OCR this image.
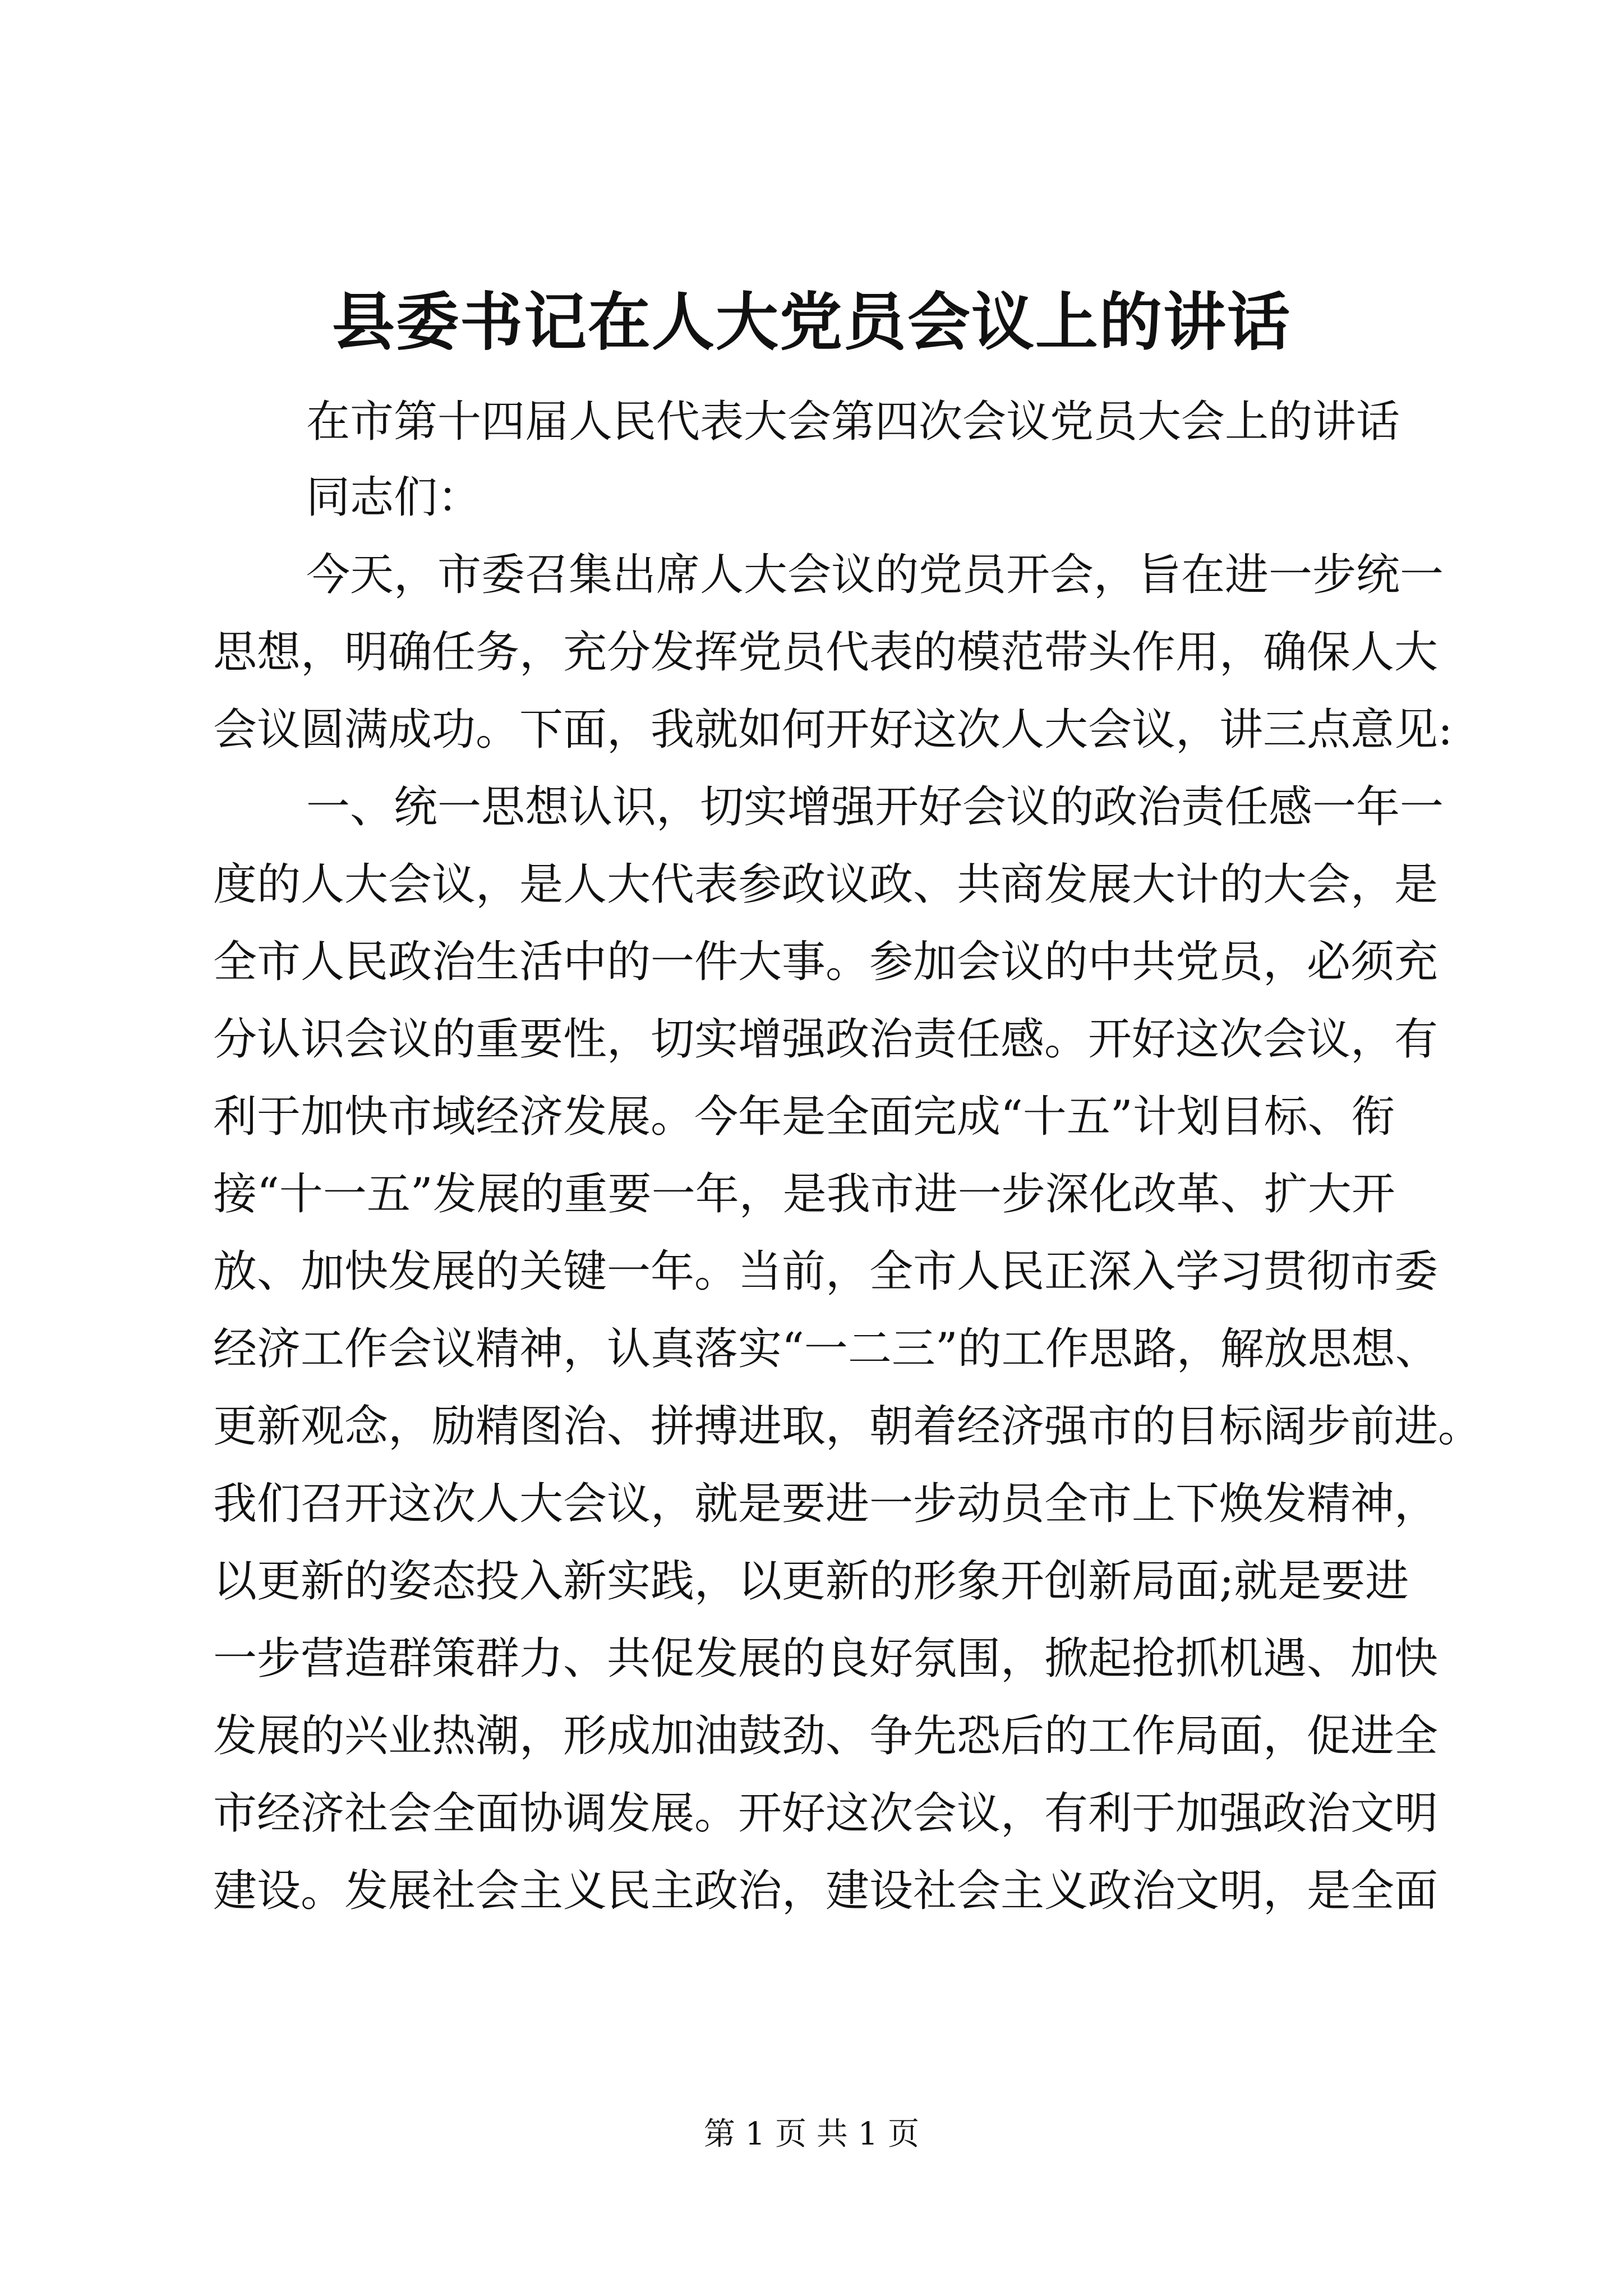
县委书记在人大党员会议上的讲话
在市第十四届人民代表大会第四次会议党员大会上的讲话
同志们：
今天，市委召集出席人大会议的党员开会，旨在进一步统一
思想，明确任务，充分发挥党员代表的模范带头作用，确保人大
会议圆满成功。下面，我就如何开好这次人大会议，讲三点意见:
一、统一思想认识，切实增强开好会议的政治责任感一年一
度的人大会议，是人大代表参政议政、共商发展大计的大会，是
全市人民政治生活中的一件大事。参加会议的中共党员，必须充
分认识会议的重要性，切实增强政治责任感。开好这次会议，有
利于加快市域经济发展。今年是全面完成“十五”计划目标、衔
接“十一五”发展的重要一年，是我市进一步深化改革、扩大开
放、加快发展的关键一年。当前，全市人民正深入学习贯彻市委
经济工作会议精神，认真落实“一二三”的工作思路，解放思想、
更新观念，励精图治、拼搏进取，朝着经济强市的目标阔步前进。
我们召开这次人大会议，就是要进一步动员全市上下焕发精神，
以更新的姿态投入新实践，以更新的形象开创新局面;就是要进
一步营造群策群力、共促发展的良好氛围，掀起抢抓机遇、加快
发展的兴业热潮，形成加油鼓劲、争先恐后的工作局面，促进全
市经济社会全面协调发展。开好这次会议，有利于加强政治文明
建设。发展社会主义民主政治，建设社会主义政治文明，是全面
第 1 页 共 1 页
